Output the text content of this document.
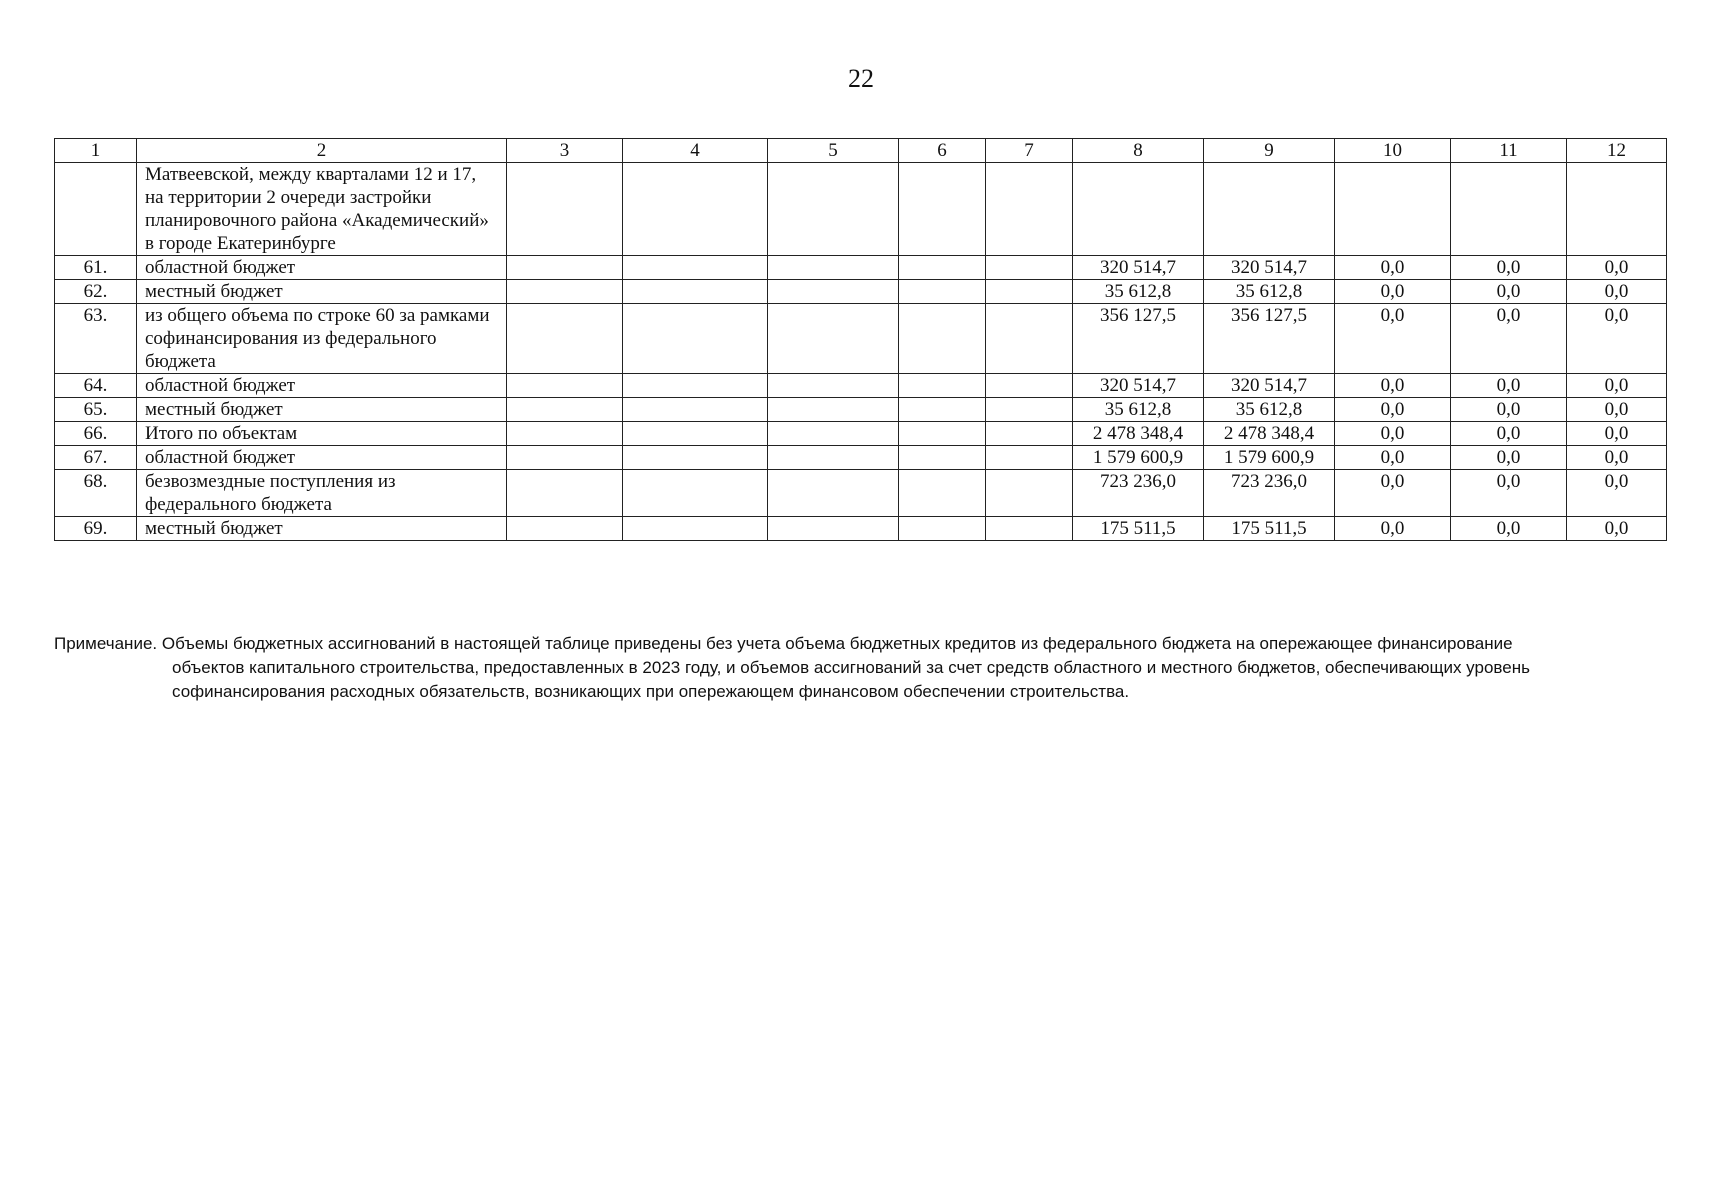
22
1	2	3	4	5	6	7	8	9	10	11	12
	Матвеевской, между кварталами 12 и 17, на территории 2 очереди застройки планировочного района «Академический» в городе Екатеринбурге										
61.	областной бюджет						320 514,7	320 514,7	0,0	0,0	0,0
62.	местный бюджет						35 612,8	35 612,8	0,0	0,0	0,0
63.	из общего объема по строке 60 за рамками софинансирования из федерального бюджета						356 127,5	356 127,5	0,0	0,0	0,0
64.	областной бюджет						320 514,7	320 514,7	0,0	0,0	0,0
65.	местный бюджет						35 612,8	35 612,8	0,0	0,0	0,0
66.	Итого по объектам						2 478 348,4	2 478 348,4	0,0	0,0	0,0
67.	областной бюджет						1 579 600,9	1 579 600,9	0,0	0,0	0,0
68.	безвозмездные поступления из федерального бюджета						723 236,0	723 236,0	0,0	0,0	0,0
69.	местный бюджет						175 511,5	175 511,5	0,0	0,0	0,0
Примечание. Объемы бюджетных ассигнований в настоящей таблице приведены без учета объема бюджетных кредитов из федерального бюджета на опережающее финансирование
объектов капитального строительства, предоставленных в 2023 году, и объемов ассигнований за счет средств областного и местного бюджетов, обеспечивающих уровень
софинансирования расходных обязательств, возникающих при опережающем финансовом обеспечении строительства.
